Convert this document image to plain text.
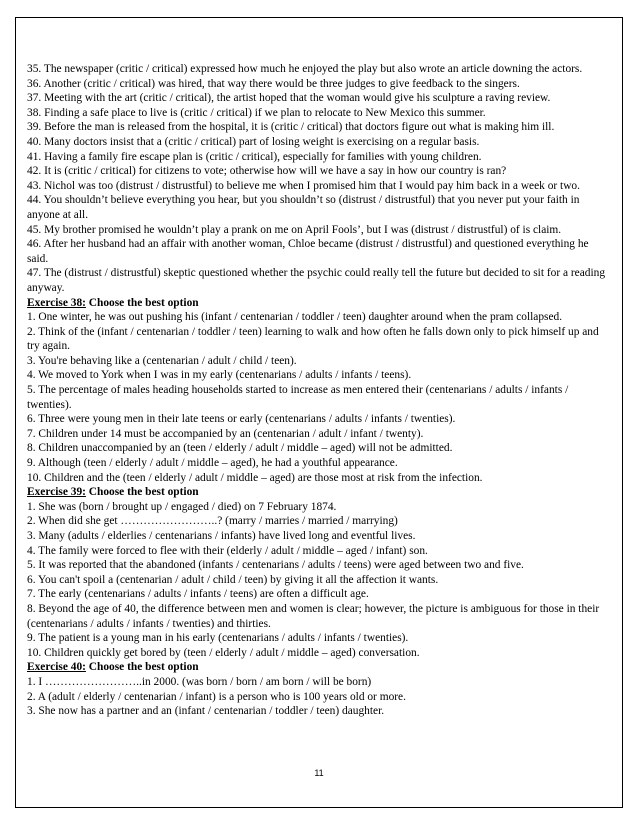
35. The newspaper (critic / critical) expressed how much he enjoyed the play but also wrote an article downing the actors.

36. Another (critic / critical) was hired, that way there would be three judges to give feedback to the singers.

37. Meeting with the art (critic / critical), the artist hoped that the woman would give his sculpture a raving review.

38. Finding a safe place to live is (critic / critical) if we plan to relocate to New Mexico this summer.

39. Before the man is released from the hospital, it is (critic / critical) that doctors figure out what is making him ill.

40. Many doctors insist that a (critic / critical) part of losing weight is exercising on a regular basis.

41. Having a family fire escape plan is (critic / critical), especially for families with young children.

42. It is (critic / critical) for citizens to vote; otherwise how will we have a say in how our country is ran?

43. Nichol was too (distrust / distrustful) to believe me when I promised him that I would pay him back in a week or two.

44. You shouldn’t believe everything you hear, but you shouldn’t so (distrust / distrustful) that you never put your faith in anyone at all.

45. My brother promised he wouldn’t play a prank on me on April Fools’, but I was (distrust / distrustful) of is claim.

46. After her husband had an affair with another woman, Chloe became (distrust / distrustful) and questioned everything he said.

47. The (distrust / distrustful) skeptic questioned whether the psychic could really tell the future but decided to sit for a reading anyway.

Exercise 38: Choose the best option

1. One winter, he was out pushing his (infant / centenarian / toddler / teen) daughter around when the pram collapsed.

2. Think of the (infant / centenarian / toddler / teen) learning to walk and how often he falls down only to pick himself up and try again.

3. You're behaving like a (centenarian / adult / child / teen).

4. We moved to York when I was in my early (centenarians / adults / infants / teens).

5. The percentage of males heading households started to increase as men entered their (centenarians / adults / infants / twenties).

6. Three were young men in their late teens or early (centenarians / adults / infants / twenties).

7. Children under 14 must be accompanied by an (centenarian / adult / infant / twenty).

8. Children unaccompanied by an (teen / elderly / adult / middle – aged) will not be admitted.

9. Although (teen / elderly / adult / middle – aged), he had a youthful appearance.

10. Children and the (teen / elderly / adult / middle – aged) are those most at risk from the infection.

Exercise 39: Choose the best option

1. She was (born / brought up / engaged / died) on 7 February 1874.

2. When did she get ……………………..? (marry / marries / married / marrying)

3. Many (adults / elderlies / centenarians / infants) have lived long and eventful lives.

4. The family were forced to flee with their (elderly / adult / middle – aged / infant) son.

5. It was reported that the abandoned (infants / centenarians / adults / teens) were aged between two and five.

6. You can't spoil a (centenarian / adult / child / teen) by giving it all the affection it wants.

7. The early (centenarians / adults / infants / teens) are often a difficult age.

8. Beyond the age of 40, the difference between men and women is clear; however, the picture is ambiguous for those in their (centenarians / adults / infants / twenties) and thirties.

9. The patient is a young man in his early (centenarians / adults / infants / twenties).

10. Children quickly get bored by (teen / elderly / adult / middle – aged) conversation.

Exercise 40: Choose the best option

1. I ……………………..in 2000. (was born / born / am born / will be born)

2. A (adult / elderly / centenarian / infant) is a person who is 100 years old or more.

3. She now has a partner and an (infant / centenarian / toddler / teen) daughter.

11
